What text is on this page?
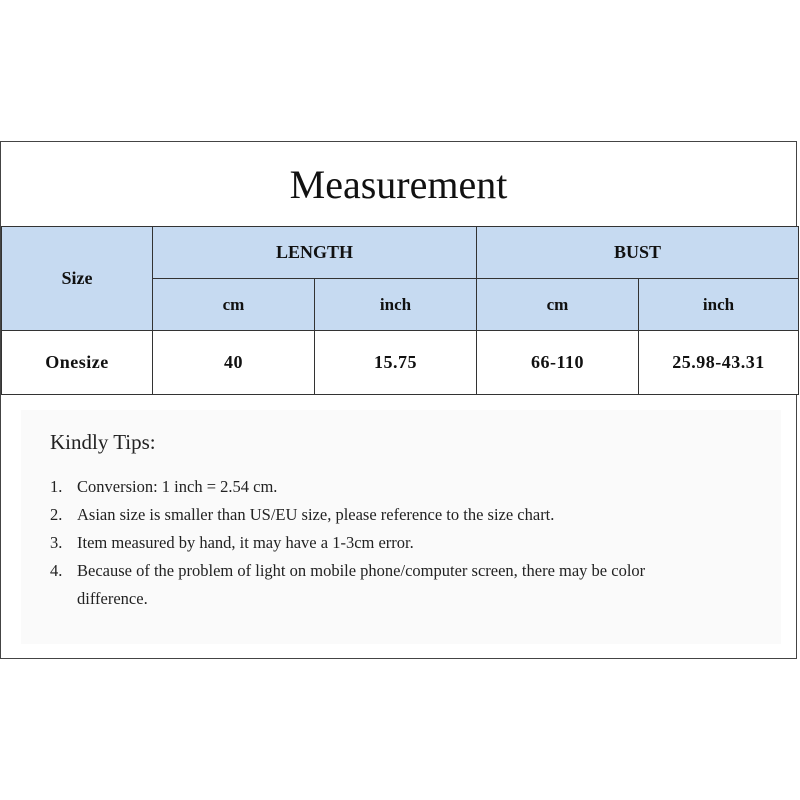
Measurement
Size	LENGTH		BUST	
	cm	inch	cm	inch
Onesize	40	15.75	66-110	25.98-43.31
Kindly Tips:
1. Conversion: 1 inch = 2.54 cm.
2. Asian size is smaller than US/EU size, please reference to the size chart.
3. Item measured by hand, it may have a 1-3cm error.
4. Because of the problem of light on mobile phone/computer screen, there may be color difference.
